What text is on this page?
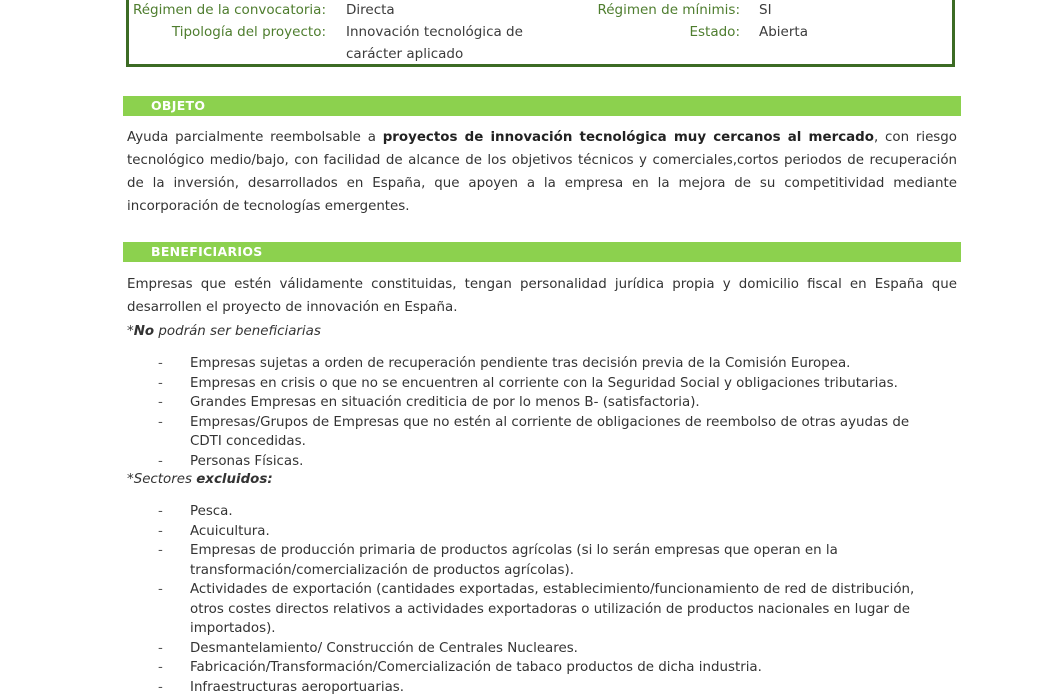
Régimen de la convocatoria: Directa
Tipología del proyecto: Innovación tecnológica de
carácter aplicado
Régimen de mínimis: SI
Estado: Abierta
OBJETO
Ayuda parcialmente reembolsable a proyectos de innovación tecnológica muy cercanos al mercado, con riesgo tecnológico medio/bajo, con facilidad de alcance de los objetivos técnicos y comerciales,cortos periodos de recuperación de la inversión, desarrollados en España, que apoyen a la empresa en la mejora de su competitividad mediante incorporación de tecnologías emergentes.
BENEFICIARIOS
Empresas que estén válidamente constituidas, tengan personalidad jurídica propia y domicilio fiscal en España que desarrollen el proyecto de innovación en España.
*No podrán ser beneficiarias
- Empresas sujetas a orden de recuperación pendiente tras decisión previa de la Comisión Europea.
- Empresas en crisis o que no se encuentren al corriente con la Seguridad Social y obligaciones tributarias.
- Grandes Empresas en situación crediticia de por lo menos B- (satisfactoria).
- Empresas/Grupos de Empresas que no estén al corriente de obligaciones de reembolso de otras ayudas de CDTI concedidas.
- Personas Físicas.
*Sectores excluidos:
- Pesca.
- Acuicultura.
- Empresas de producción primaria de productos agrícolas (si lo serán empresas que operan en la transformación/comercialización de productos agrícolas).
- Actividades de exportación (cantidades exportadas, establecimiento/funcionamiento de red de distribución, otros costes directos relativos a actividades exportadoras o utilización de productos nacionales en lugar de importados).
- Desmantelamiento/ Construcción de Centrales Nucleares.
- Fabricación/Transformación/Comercialización de tabaco productos de dicha industria.
- Infraestructuras aeroportuarias.
